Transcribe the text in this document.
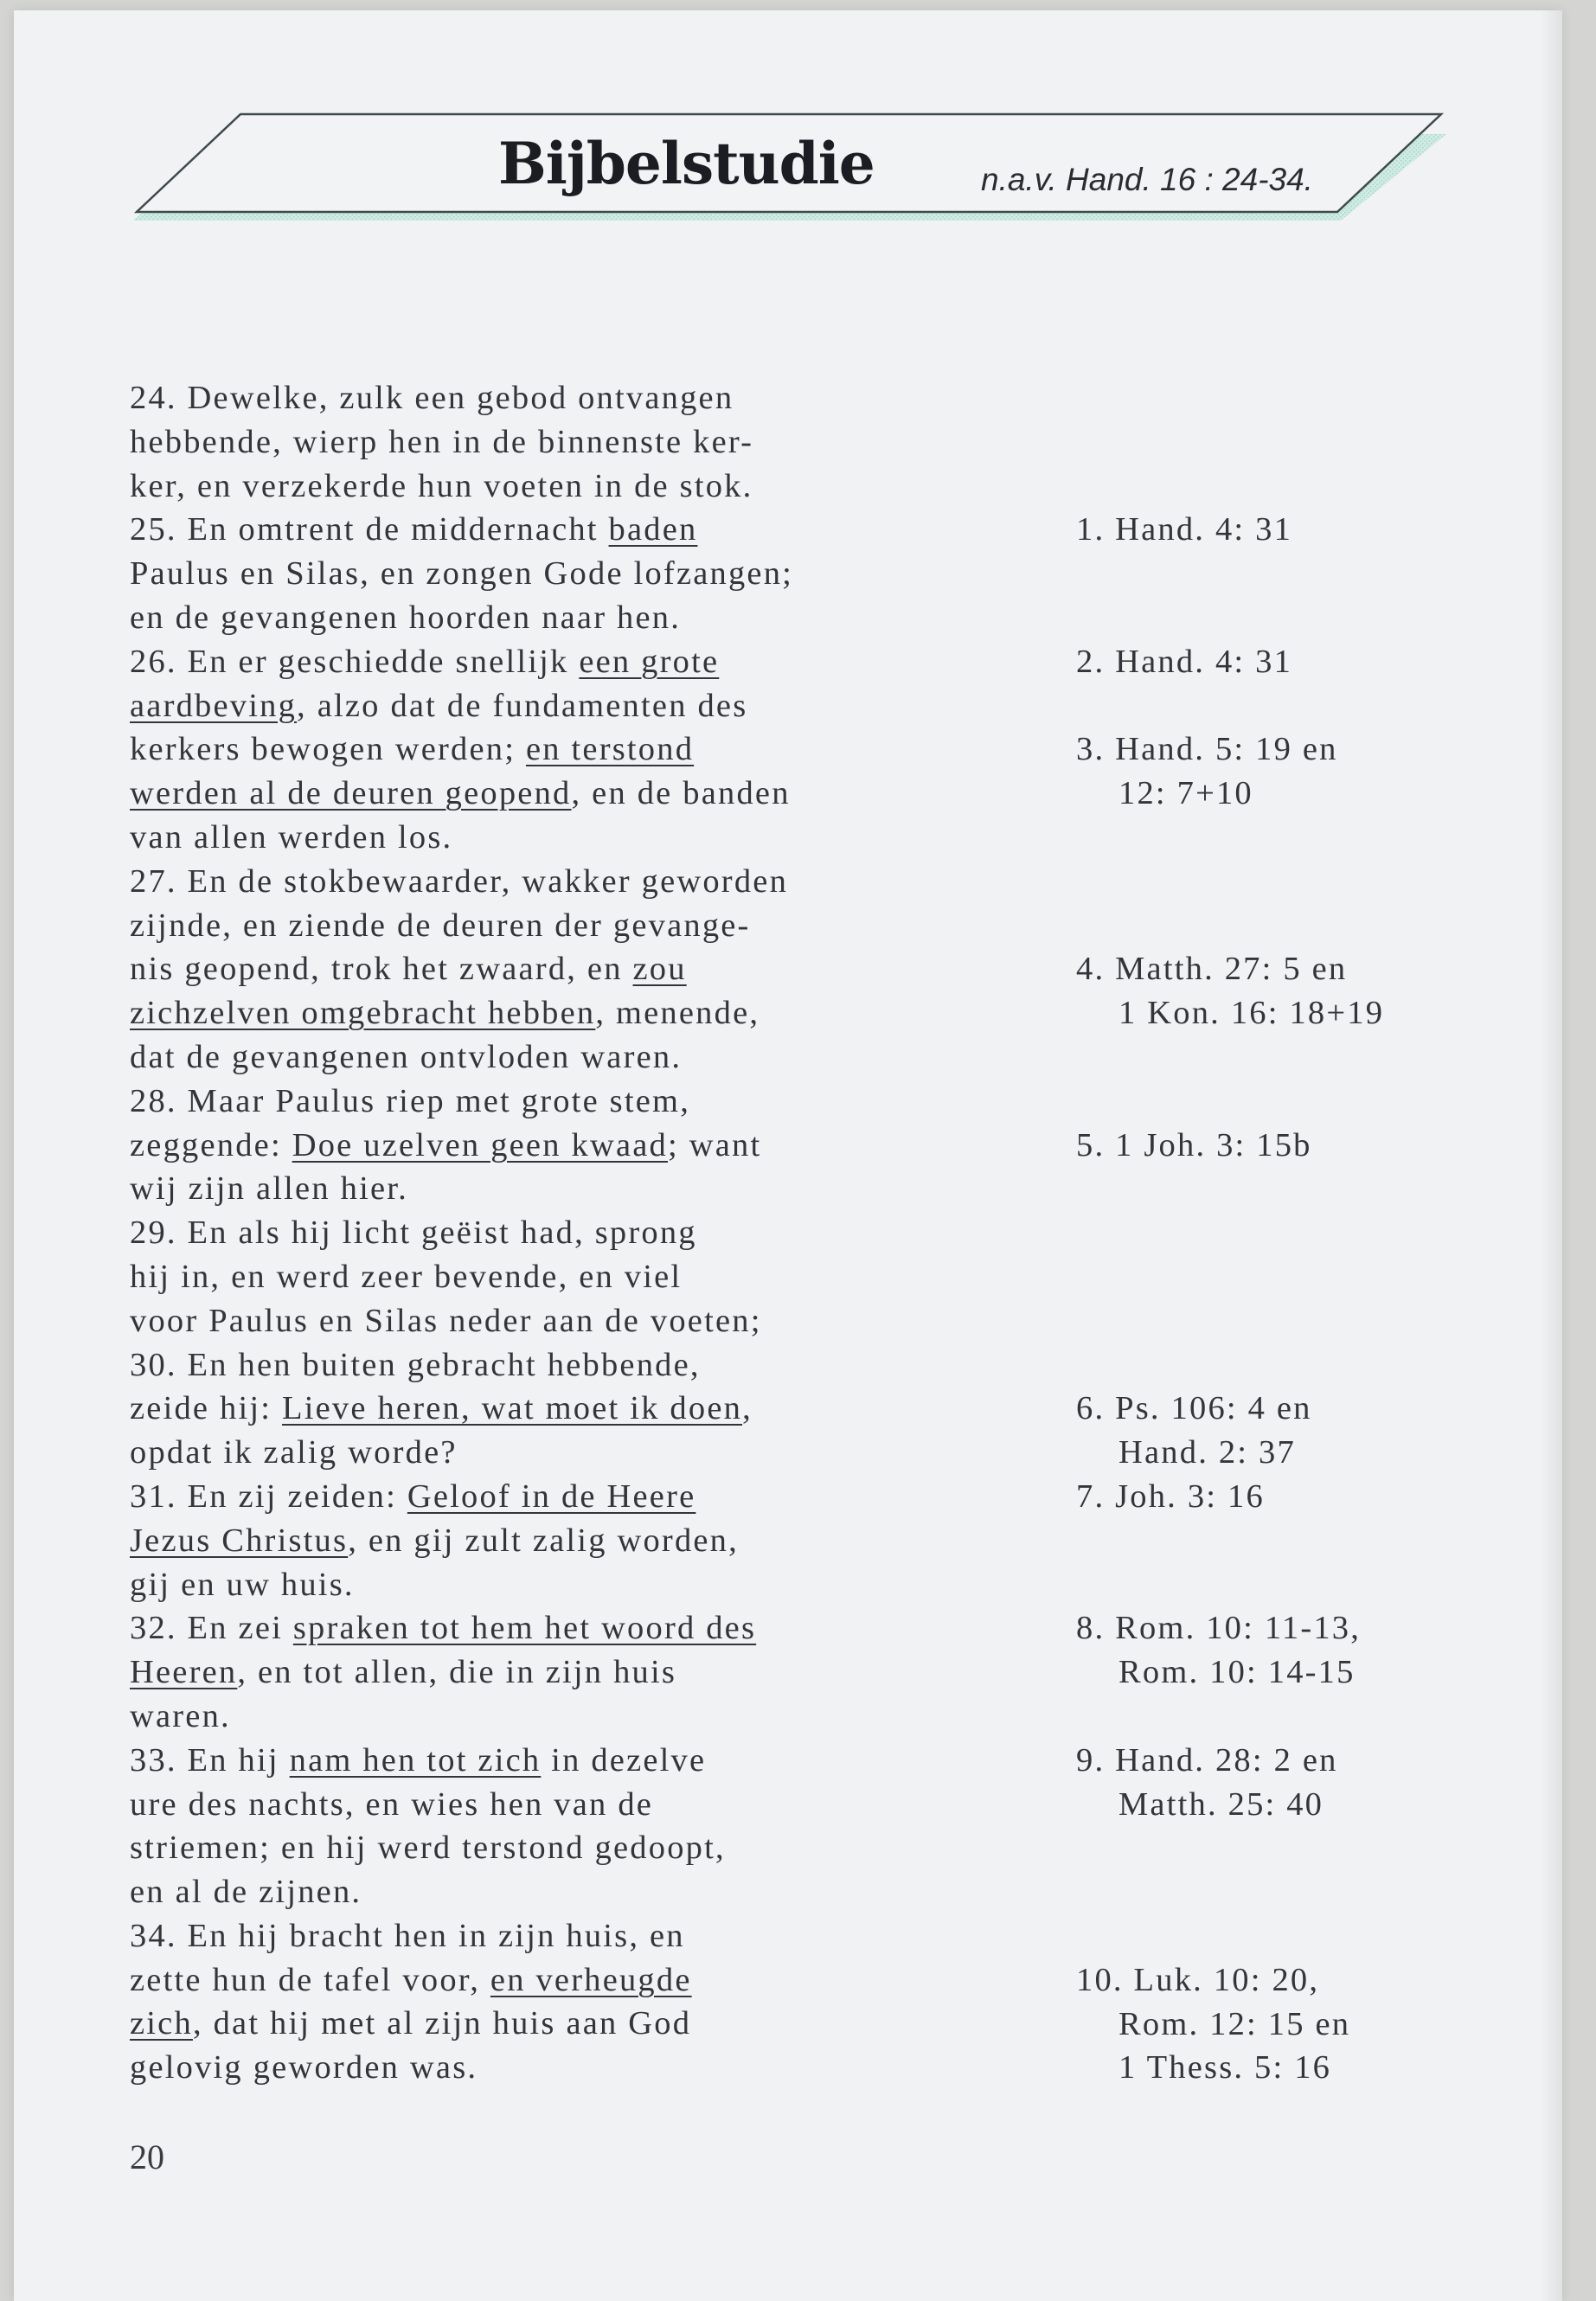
Bijbelstudie	n.a.v. Hand. 16 : 24-34.
24. Dewelke, zulk een gebod ontvangen
hebbende, wierp hen in de binnenste ker-
ker, en verzekerde hun voeten in de stok.
25. En omtrent de middernacht baden
Paulus en Silas, en zongen Gode lofzangen;
en de gevangenen hoorden naar hen.
26. En er geschiedde snellijk een grote
aardbeving, alzo dat de fundamenten des
kerkers bewogen werden; en terstond
werden al de deuren geopend, en de banden
van allen werden los.
27. En de stokbewaarder, wakker geworden
zijnde, en ziende de deuren der gevange-
nis geopend, trok het zwaard, en zou
zichzelven omgebracht hebben, menende,
dat de gevangenen ontvloden waren.
28. Maar Paulus riep met grote stem,
zeggende: Doe uzelven geen kwaad; want
wij zijn allen hier.
29. En als hij licht geëist had, sprong
hij in, en werd zeer bevende, en viel
voor Paulus en Silas neder aan de voeten;
30. En hen buiten gebracht hebbende,
zeide hij: Lieve heren, wat moet ik doen,
opdat ik zalig worde?
31. En zij zeiden: Geloof in de Heere
Jezus Christus, en gij zult zalig worden,
gij en uw huis.
32. En zei spraken tot hem het woord des
Heeren, en tot allen, die in zijn huis
waren.
33. En hij nam hen tot zich in dezelve
ure des nachts, en wies hen van de
striemen; en hij werd terstond gedoopt,
en al de zijnen.
34. En hij bracht hen in zijn huis, en
zette hun de tafel voor, en verheugde
zich, dat hij met al zijn huis aan God
gelovig geworden was.
1. Hand. 4: 31
2. Hand. 4: 31
3. Hand. 5: 19 en
12: 7+10
4. Matth. 27: 5 en
1 Kon. 16: 18+19
5. 1 Joh. 3: 15b
6. Ps. 106: 4 en
Hand. 2: 37
7. Joh. 3: 16
8. Rom. 10: 11-13,
Rom. 10: 14-15
9. Hand. 28: 2 en
Matth. 25: 40
10. Luk. 10: 20,
Rom. 12: 15 en
1 Thess. 5: 16
20
